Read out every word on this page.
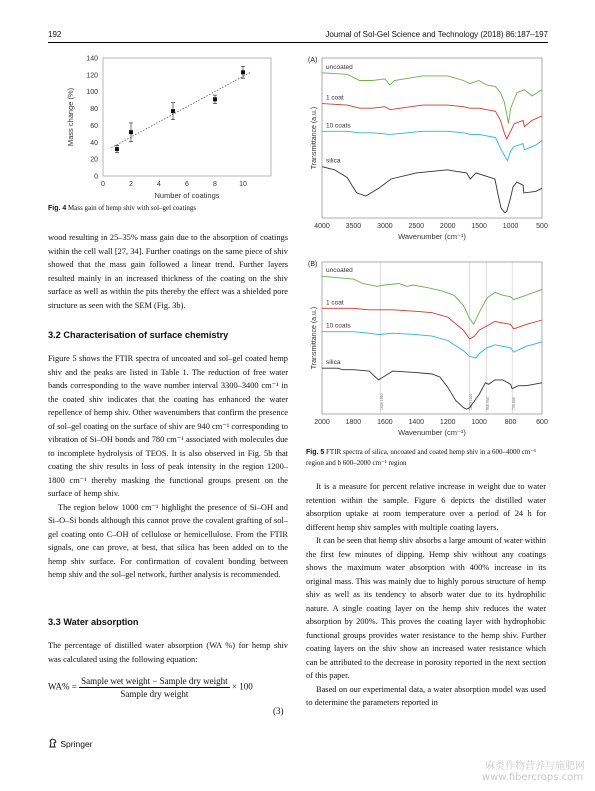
192	Journal of Sol-Gel Science and Technology (2018) 86:187–197
0
20
40
60
80
100
120
140
0	2	4	6	8	10
Number of coatings
Mass change (%)
Fig. 4 Mass gain of hemp shiv with sol–gel coatings
(A)
uncoated
1 coat
10 coats
silica
4000 3500 3000 2500 2000 1500 1000	500
Wavenumber (cm⁻¹)
Transmittance (a.u.)
(B)
1630 1650	1063 1100	955 940	790 800
uncoated
1 coat
10 coats
silica
2000 1800 1600 1400 1200 1000	800	600
Wavenumber (cm⁻¹)
Transmittance (a.u.)
Fig. 5 FTIR spectra of silica, uncoated and coated hemp shiv in a 600–4000 cm⁻¹ region and b 600–2000 cm⁻¹ region

wood resulting in 25–35% mass gain due to the absorption of coatings within the cell wall [27, 34]. Further coatings on the same piece of shiv showed that the mass gain followed a linear trend. Further layers resulted mainly in an increased thickness of the coating on the shiv surface as well as within the pits thereby the effect was a shielded pore structure as seen with the SEM (Fig. 3b).

3.2 Characterisation of surface chemistry

Figure 5 shows the FTIR spectra of uncoated and sol–gel coated hemp shiv and the peaks are listed in Table 1. The reduction of free water bands corresponding to the wave number interval 3300–3400 cm⁻¹ in the coated shiv indicates that the coating has enhanced the water repellence of hemp shiv. Other wavenumbers that confirm the presence of sol–gel coating on the surface of shiv are 940 cm⁻¹ corresponding to vibration of Si–OH bonds and 780 cm⁻¹ associated with molecules due to incomplete hydrolysis of TEOS. It is also observed in Fig. 5b that coating the shiv results in loss of peak intensity in the region 1200–1800 cm⁻¹ thereby masking the functional groups present on the surface of hemp shiv.

The region below 1000 cm⁻¹ highlight the presence of Si–OH and Si–O–Si bonds although this cannot prove the covalent grafting of sol–gel coating onto C–OH of cellulose or hemicellulose. From the FTIR signals, one can prove, at best, that silica has been added on to the hemp shiv surface. For confirmation of covalent bonding between hemp shiv and the sol–gel network, further analysis is recommended.

3.3 Water absorption

The percentage of distilled water absorption (WA %) for hemp shiv was calculated using the following equation:

$WA\% = \frac{\text{Sample wet weight − Sample dry weight}}{\text{Sample dry weight}} \times 100$
(3)

It is a measure for percent relative increase in weight due to water retention within the sample. Figure 6 depicts the distilled water absorption uptake at room temperature over a period of 24 h for different hemp shiv samples with multiple coating layers.

It can be seen that hemp shiv absorbs a large amount of water within the first few minutes of dipping. Hemp shiv without any coatings shows the maximum water absorption with 400% increase in its original mass. This was mainly due to highly porous structure of hemp shiv as well as its tendency to absorb water due to its hydrophilic nature. A single coating layer on the hemp shiv reduces the water absorption by 200%. This proves the coating layer with hydrophobic functional groups provides water resistance to the hemp shiv. Further coating layers on the shiv show an increased water resistance which can be attributed to the decrease in porosity reported in the next section of this paper.

Based on our experimental data, a water absorption model was used to determine the parameters reported in

Springer
麻类作物营养与施肥网
www.fibercrops.com
